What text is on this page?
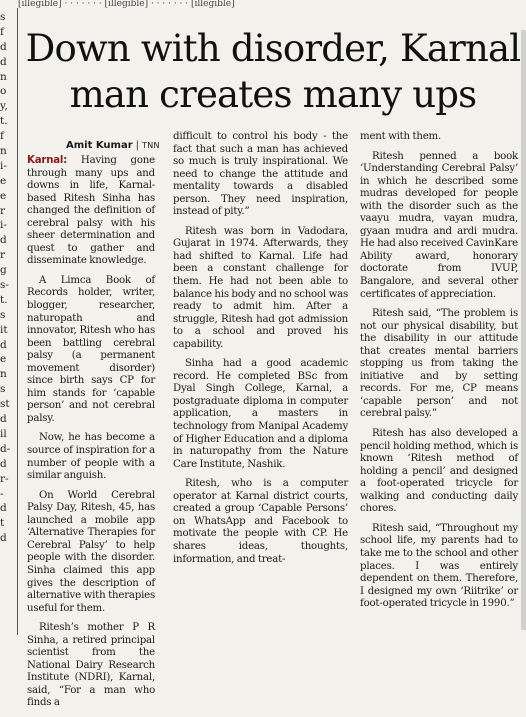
[illegible] · · · · · · · [illegible] · · · · · · · [illegible]
s
f
d
d
n
o
y,
t.
f
n
i-
e
e
r
i-
d
r
g
s-
t.
s
it
d
e
n
s
st
d
il
d-
d
r-
-
d
t
d
Down with disorder, Karnal
man creates many ups
Amit Kumar | TNN

Karnal: Having gone through many ups and downs in life, Karnal-based Ritesh Sinha has changed the definition of cerebral palsy with his sheer determination and quest to gather and disseminate knowledge.

A Limca Book of Records holder, writer, blogger, researcher, naturopath and innovator, Ritesh who has been battling cerebral palsy (a permanent movement disorder) since birth says CP for him stands for ‘capable person’ and not cerebral palsy.

Now, he has become a source of inspiration for a number of people with a similar anguish.

On World Cerebral Palsy Day, Ritesh, 45, has launched a mobile app ‘Alternative Therapies for Cerebral Palsy’ to help people with the disorder. Sinha claimed this app gives the description of alternative with therapies useful for them.

Ritesh’s mother P R Sinha, a retired principal scientist from the National Dairy Research Institute (NDRI), Karnal, said, “For a man who finds a

difficult to control his body - the fact that such a man has achieved so much is truly inspirational. We need to change the attitude and mentality towards a disabled person. They need inspiration, instead of pity.”

Ritesh was born in Vadodara, Gujarat in 1974. Afterwards, they had shifted to Karnal. Life had been a constant challenge for them. He had not been able to balance his body and no school was ready to admit him. After a struggle, Ritesh had got admission to a school and proved his capability.

Sinha had a good academic record. He completed BSc from Dyal Singh College, Karnal, a postgraduate diploma in computer application, a masters in technology from Manipal Academy of Higher Education and a diploma in naturopathy from the Nature Care Institute, Nashik.

Ritesh, who is a computer operator at Karnal district courts, created a group ‘Capable Persons’ on WhatsApp and Facebook to motivate the people with CP. He shares ideas, thoughts, information, and treat-

ment with them.

Ritesh penned a book ‘Understanding Cerebral Palsy’ in which he described some mudras developed for people with the disorder such as the vaayu mudra, vayan mudra, gyaan mudra and ardi mudra. He had also received CavinKare Ability award, honorary doctorate from IVUP, Bangalore, and several other certificates of appreciation.

Ritesh said, “The problem is not our physical disability, but the disability in our attitude that creates mental barriers stopping us from taking the initiative and by setting records. For me, CP means ‘capable person’ and not cerebral palsy.”

Ritesh has also developed a pencil holding method, which is known ‘Ritesh method of holding a pencil’ and designed a foot-operated tricycle for walking and conducting daily chores.

Ritesh said, “Throughout my school life, my parents had to take me to the school and other places. I was entirely dependent on them. Therefore, I designed my own ‘Riitrike’ or foot-operated tricycle in 1990.”
